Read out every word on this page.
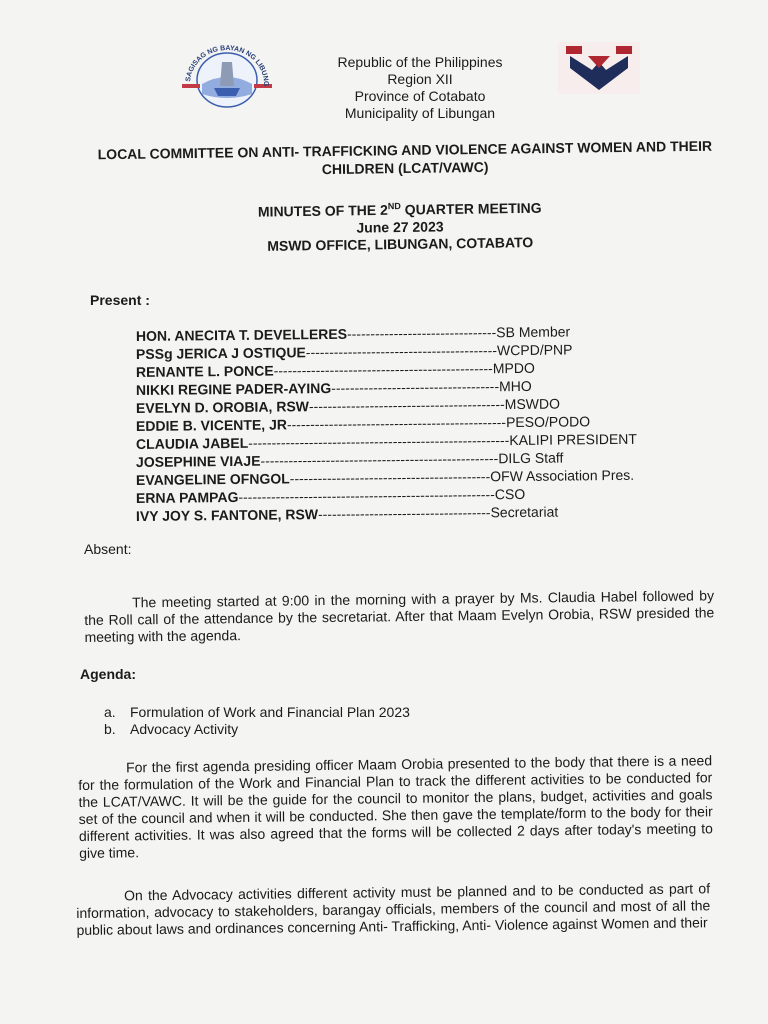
SAGISAG NG BAYAN NG LIBUNG
Republic of the Philippines
Region XII
Province of Cotabato
Municipality of Libungan
LOCAL COMMITTEE ON ANTI- TRAFFICKING AND VIOLENCE AGAINST WOMEN AND THEIR CHILDREN (LCAT/VAWC)
MINUTES OF THE 2ND QUARTER MEETING
June 27 2023
MSWD OFFICE, LIBUNGAN, COTABATO
Present :
HON. ANECITA T. DEVELLERES--------------------------------SB Member
PSSg JERICA J OSTIQUE-----------------------------------------WCPD/PNP
RENANTE L. PONCE-----------------------------------------------MPDO
NIKKI REGINE PADER-AYING------------------------------------MHO
EVELYN D. OROBIA, RSW------------------------------------------MSWDO
EDDIE B. VICENTE, JR-----------------------------------------------PESO/PODO
CLAUDIA JABEL--------------------------------------------------------KALIPI PRESIDENT
JOSEPHINE VIAJE---------------------------------------------------DILG Staff
EVANGELINE OFNGOL-------------------------------------------OFW Association Pres.
ERNA PAMPAG-------------------------------------------------------CSO
IVY JOY S. FANTONE, RSW-------------------------------------Secretariat
Absent:
The meeting started at 9:00 in the morning with a prayer by Ms. Claudia Habel followed by the Roll call of the attendance by the secretariat. After that Maam Evelyn Orobia, RSW presided the meeting with the agenda.
Agenda:
a.	Formulation of Work and Financial Plan 2023
b.	Advocacy Activity
For the first agenda presiding officer Maam Orobia presented to the body that there is a need for the formulation of the Work and Financial Plan to track the different activities to be conducted for the LCAT/VAWC. It will be the guide for the council to monitor the plans, budget, activities and goals set of the council and when it will be conducted. She then gave the template/form to the body for their different activities. It was also agreed that the forms will be collected 2 days after today's meeting to give time.
On the Advocacy activities different activity must be planned and to be conducted as part of information, advocacy to stakeholders, barangay officials, members of the council and most of all the public about laws and ordinances concerning Anti- Trafficking, Anti- Violence against Women and their
